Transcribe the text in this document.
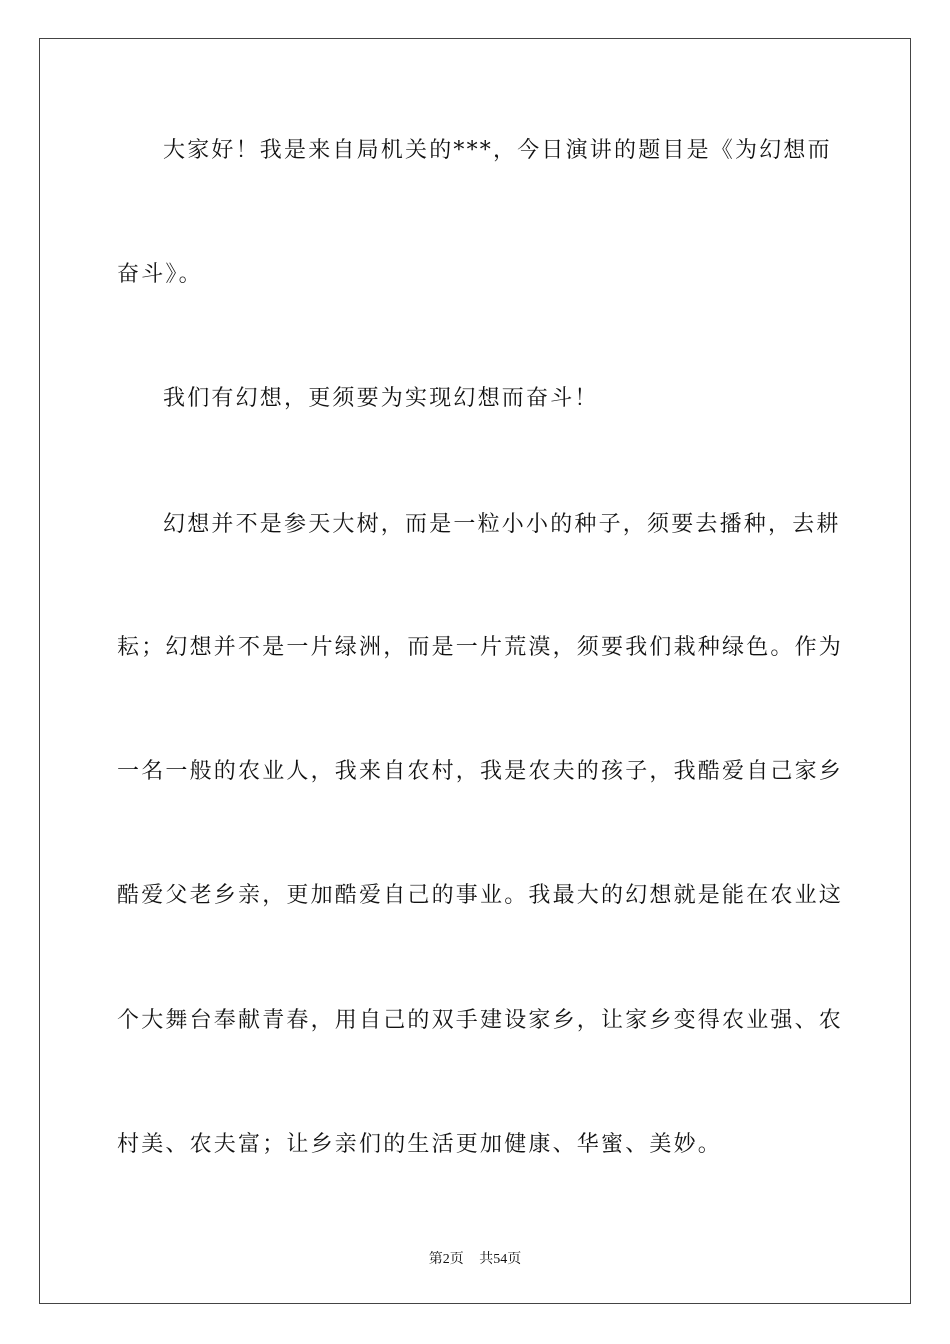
大家好！我是来自局机关的***，今日演讲的题目是《为幻想而
奋斗》。
我们有幻想，更须要为实现幻想而奋斗！
幻想并不是参天大树，而是一粒小小的种子，须要去播种，去耕
耘；幻想并不是一片绿洲，而是一片荒漠，须要我们栽种绿色。作为
一名一般的农业人，我来自农村，我是农夫的孩子，我酷爱自己家乡
酷爱父老乡亲，更加酷爱自己的事业。我最大的幻想就是能在农业这
个大舞台奉献青春，用自己的双手建设家乡，让家乡变得农业强、农
村美、农夫富；让乡亲们的生活更加健康、华蜜、美妙。
第2页 共54页
